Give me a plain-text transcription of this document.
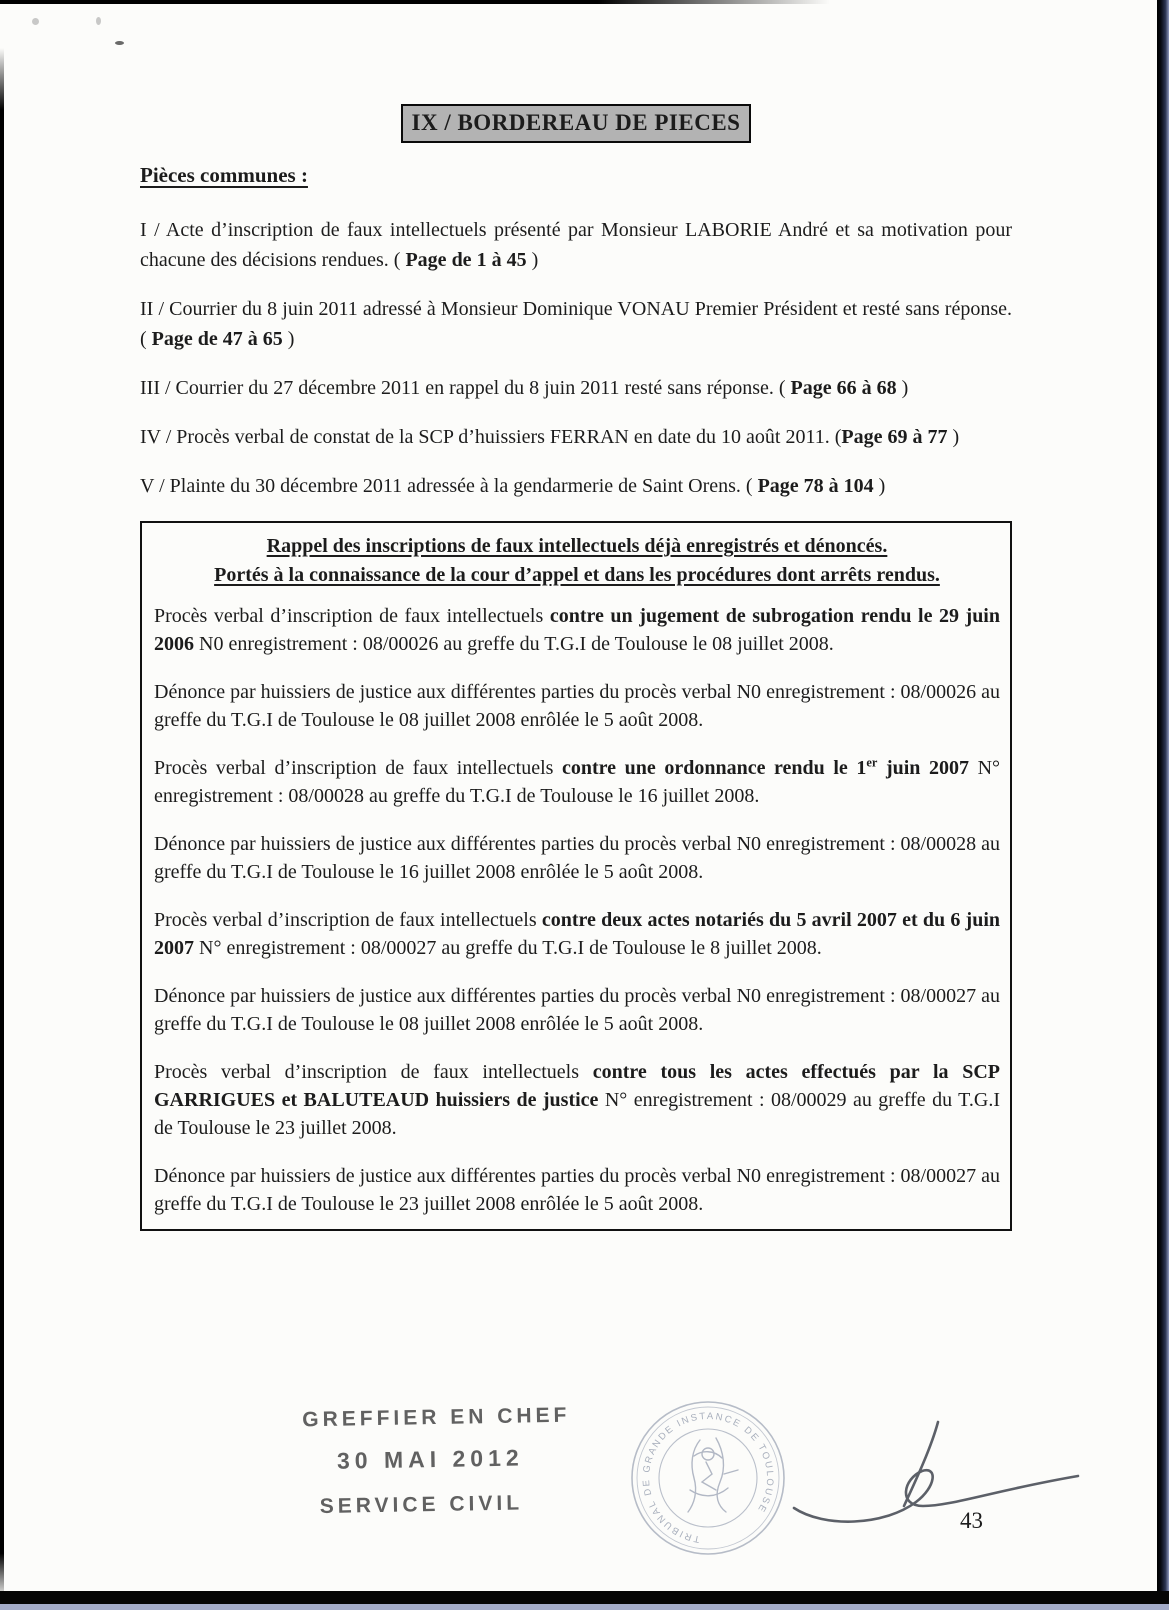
IX / BORDEREAU DE PIECES
Pièces communes :

I / Acte d’inscription de faux intellectuels présenté par Monsieur LABORIE André et sa motivation pour chacune des décisions rendues. ( Page de 1 à 45 )

II / Courrier du 8 juin 2011 adressé à Monsieur Dominique VONAU Premier Président et resté sans réponse. ( Page de 47 à 65 )

III / Courrier du 27 décembre 2011 en rappel du 8 juin 2011 resté sans réponse. ( Page 66 à 68 )

IV / Procès verbal de constat de la SCP d’huissiers FERRAN en date du 10 août 2011. (Page 69 à 77 )

V / Plainte du 30 décembre 2011 adressée à la gendarmerie de Saint Orens. ( Page 78 à 104 )

Rappel des inscriptions de faux intellectuels déjà enregistrés et dénoncés.
Portés à la connaissance de la cour d’appel et dans les procédures dont arrêts rendus.

Procès verbal d’inscription de faux intellectuels contre un jugement de subrogation rendu le 29 juin 2006 N0 enregistrement : 08/00026 au greffe du T.G.I de Toulouse le 08 juillet 2008.

Dénonce par huissiers de justice aux différentes parties du procès verbal N0 enregistrement : 08/00026 au greffe du T.G.I de Toulouse le 08 juillet 2008 enrôlée le 5 août 2008.

Procès verbal d’inscription de faux intellectuels contre une ordonnance rendu le 1er juin 2007 N° enregistrement : 08/00028 au greffe du T.G.I de Toulouse le 16 juillet 2008.

Dénonce par huissiers de justice aux différentes parties du procès verbal N0 enregistrement : 08/00028 au greffe du T.G.I de Toulouse le 16 juillet 2008 enrôlée le 5 août 2008.

Procès verbal d’inscription de faux intellectuels contre deux actes notariés du 5 avril 2007 et du 6 juin 2007 N° enregistrement : 08/00027 au greffe du T.G.I de Toulouse le 8 juillet 2008.

Dénonce par huissiers de justice aux différentes parties du procès verbal N0 enregistrement : 08/00027 au greffe du T.G.I de Toulouse le 08 juillet 2008 enrôlée le 5 août 2008.

Procès verbal d’inscription de faux intellectuels contre tous les actes effectués par la SCP GARRIGUES et BALUTEAUD huissiers de justice N° enregistrement : 08/00029 au greffe du T.G.I de Toulouse le 23 juillet 2008.

Dénonce par huissiers de justice aux différentes parties du procès verbal N0 enregistrement : 08/00027 au greffe du T.G.I de Toulouse le 23 juillet 2008 enrôlée le 5 août 2008.

GREFFIER EN CHEF
30 MAI 2012
SERVICE CIVIL
TRIBUNAL DE GRANDE INSTANCE DE TOULOUSE	43
